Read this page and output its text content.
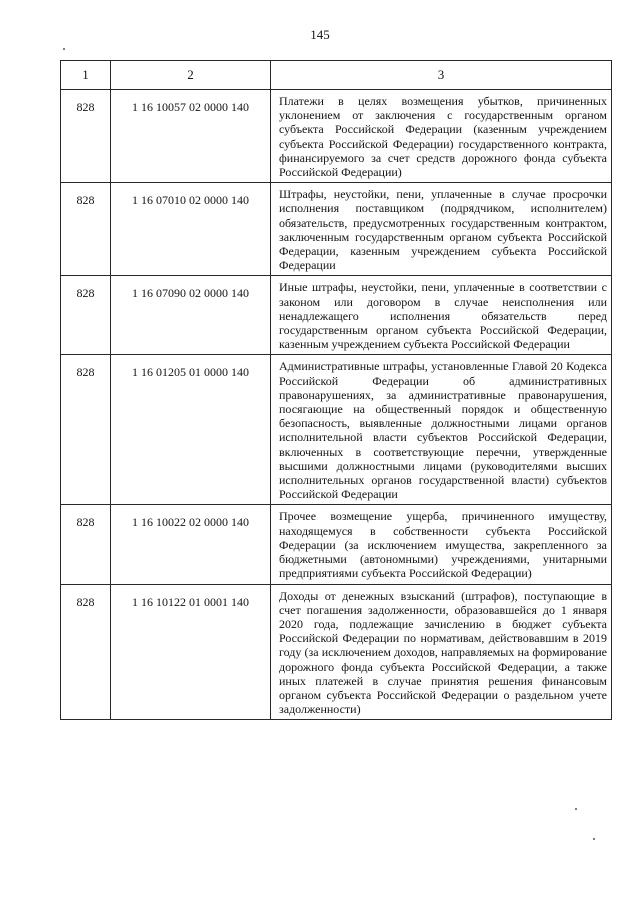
145
1	2	3
828	1 16 10057 02 0000 140	Платежи в целях возмещения убытков, причиненных уклонением от заключения с государственным органом субъекта Российской Федерации (казенным учреждением субъекта Российской Федерации) государственного контракта, финансируемого за счет средств дорожного фонда субъекта Российской Федерации)
828	1 16 07010 02 0000 140	Штрафы, неустойки, пени, уплаченные в случае просрочки исполнения поставщиком (подрядчиком, исполнителем) обязательств, предусмотренных государственным контрактом, заключенным государственным органом субъекта Российской Федерации, казенным учреждением субъекта Российской Федерации
828	1 16 07090 02 0000 140	Иные штрафы, неустойки, пени, уплаченные в соответствии с законом или договором в случае неисполнения или ненадлежащего исполнения обязательств перед государственным органом субъекта Российской Федерации, казенным учреждением субъекта Российской Федерации
828	1 16 01205 01 0000 140	Административные штрафы, установленные Главой 20 Кодекса Российской Федерации об административных правонарушениях, за административные правонарушения, посягающие на общественный порядок и общественную безопасность, выявленные должностными лицами органов исполнительной власти субъектов Российской Федерации, включенных в соответствующие перечни, утвержденные высшими должностными лицами (руководителями высших исполнительных органов государственной власти) субъектов Российской Федерации
828	1 16 10022 02 0000 140	Прочее возмещение ущерба, причиненного имуществу, находящемуся в собственности субъекта Российской Федерации (за исключением имущества, закрепленного за бюджетными (автономными) учреждениями, унитарными предприятиями субъекта Российской Федерации)
828	1 16 10122 01 0001 140	Доходы от денежных взысканий (штрафов), поступающие в счет погашения задолженности, образовавшейся до 1 января 2020 года, подлежащие зачислению в бюджет субъекта Российской Федерации по нормативам, действовавшим в 2019 году (за исключением доходов, направляемых на формирование дорожного фонда субъекта Российской Федерации, а также иных платежей в случае принятия решения финансовым органом субъекта Российской Федерации о раздельном учете задолженности)
